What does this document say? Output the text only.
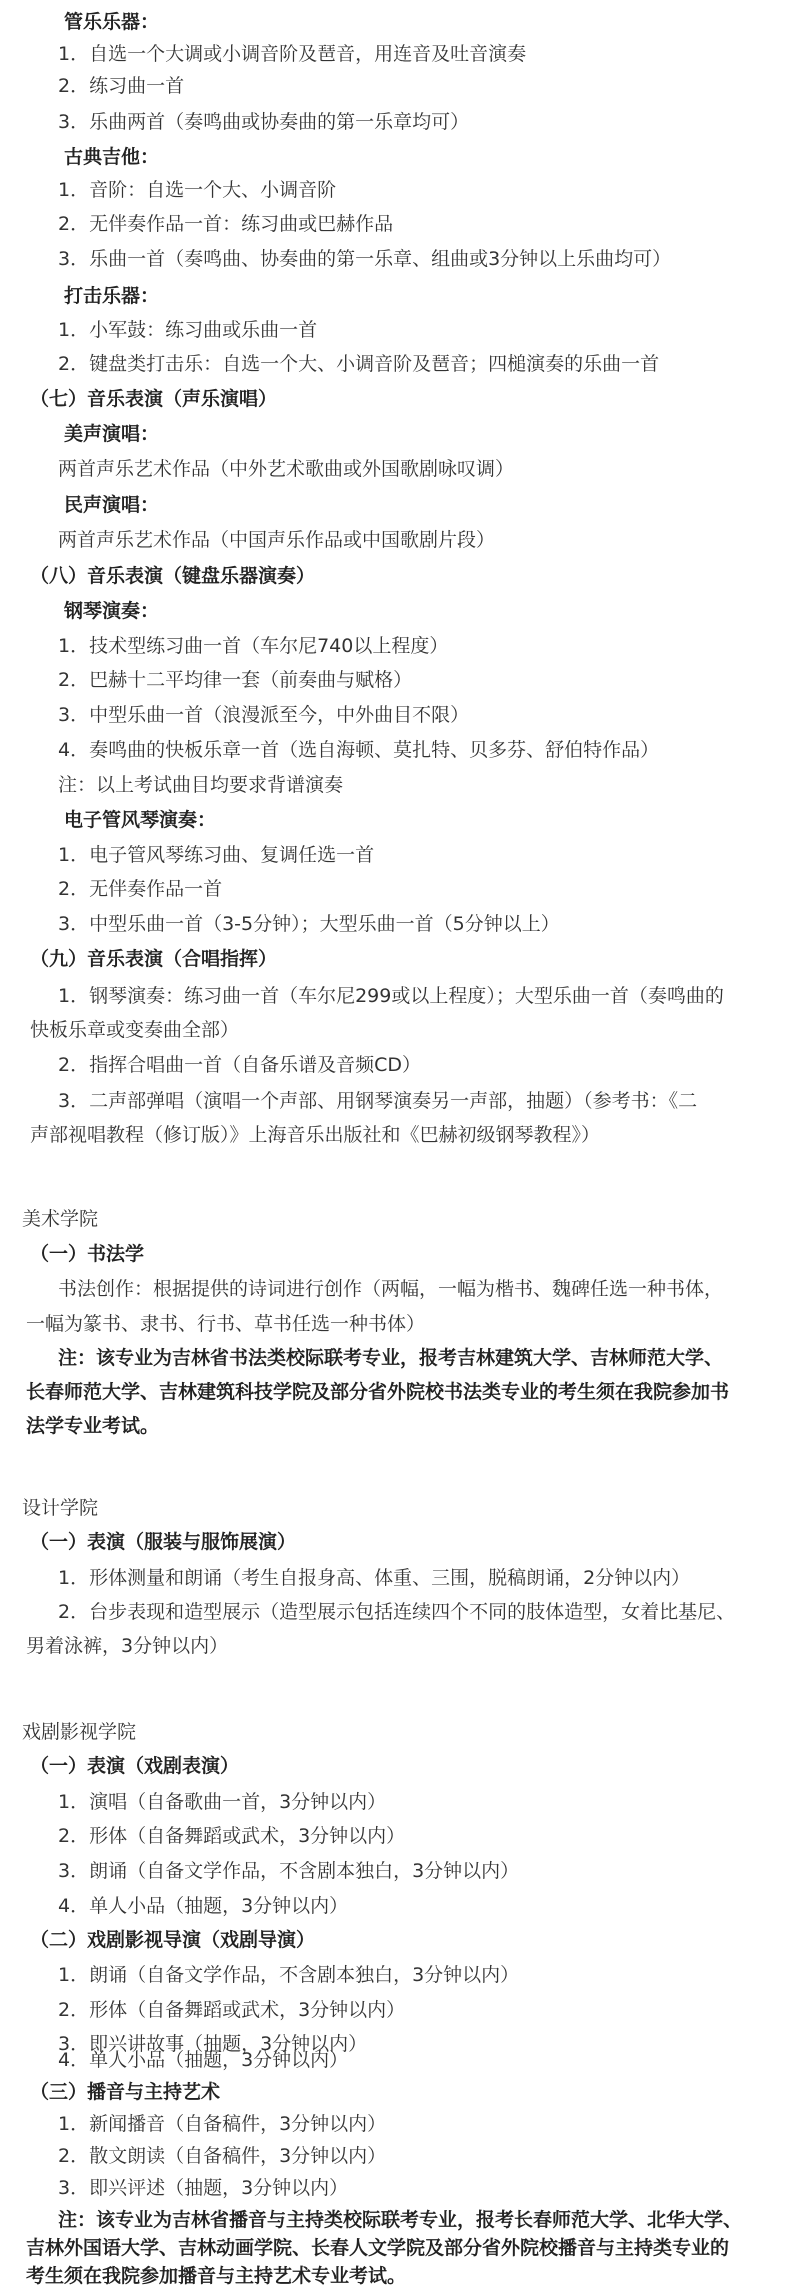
管乐乐器：
1．自选一个大调或小调音阶及琶音，用连音及吐音演奏
2．练习曲一首
3．乐曲两首（奏鸣曲或协奏曲的第一乐章均可）
古典吉他：
1．音阶：自选一个大、小调音阶
2．无伴奏作品一首：练习曲或巴赫作品
3．乐曲一首（奏鸣曲、协奏曲的第一乐章、组曲或3分钟以上乐曲均可）
打击乐器：
1．小军鼓：练习曲或乐曲一首
2．键盘类打击乐：自选一个大、小调音阶及琶音；四槌演奏的乐曲一首
（七）音乐表演（声乐演唱）
美声演唱：
两首声乐艺术作品（中外艺术歌曲或外国歌剧咏叹调）
民声演唱：
两首声乐艺术作品（中国声乐作品或中国歌剧片段）
（八）音乐表演（键盘乐器演奏）
钢琴演奏：
1．技术型练习曲一首（车尔尼740以上程度）
2．巴赫十二平均律一套（前奏曲与赋格）
3．中型乐曲一首（浪漫派至今，中外曲目不限）
4．奏鸣曲的快板乐章一首（选自海顿、莫扎特、贝多芬、舒伯特作品）
注：以上考试曲目均要求背谱演奏
电子管风琴演奏：
1．电子管风琴练习曲、复调任选一首
2．无伴奏作品一首
3．中型乐曲一首（3-5分钟）；大型乐曲一首（5分钟以上）
（九）音乐表演（合唱指挥）
1．钢琴演奏：练习曲一首（车尔尼299或以上程度）；大型乐曲一首（奏鸣曲的
快板乐章或变奏曲全部）
2．指挥合唱曲一首（自备乐谱及音频CD）
3．二声部弹唱（演唱一个声部、用钢琴演奏另一声部，抽题）（参考书：《二
声部视唱教程（修订版）》上海音乐出版社和《巴赫初级钢琴教程》）
美术学院
（一）书法学
书法创作：根据提供的诗词进行创作（两幅，一幅为楷书、魏碑任选一种书体，
一幅为篆书、隶书、行书、草书任选一种书体）
注：该专业为吉林省书法类校际联考专业，报考吉林建筑大学、吉林师范大学、
长春师范大学、吉林建筑科技学院及部分省外院校书法类专业的考生须在我院参加书
法学专业考试。
设计学院
（一）表演（服装与服饰展演）
1．形体测量和朗诵（考生自报身高、体重、三围，脱稿朗诵，2分钟以内）
2．台步表现和造型展示（造型展示包括连续四个不同的肢体造型，女着比基尼、
男着泳裤，3分钟以内）
戏剧影视学院
（一）表演（戏剧表演）
1．演唱（自备歌曲一首，3分钟以内）
2．形体（自备舞蹈或武术，3分钟以内）
3．朗诵（自备文学作品，不含剧本独白，3分钟以内）
4．单人小品（抽题，3分钟以内）
（二）戏剧影视导演（戏剧导演）
1．朗诵（自备文学作品，不含剧本独白，3分钟以内）
2．形体（自备舞蹈或武术，3分钟以内）
3．即兴讲故事（抽题，3分钟以内）
4．单人小品（抽题，3分钟以内）
（三）播音与主持艺术
1．新闻播音（自备稿件，3分钟以内）
2．散文朗读（自备稿件，3分钟以内）
3．即兴评述（抽题，3分钟以内）
注：该专业为吉林省播音与主持类校际联考专业，报考长春师范大学、北华大学、
吉林外国语大学、吉林动画学院、长春人文学院及部分省外院校播音与主持类专业的
考生须在我院参加播音与主持艺术专业考试。
